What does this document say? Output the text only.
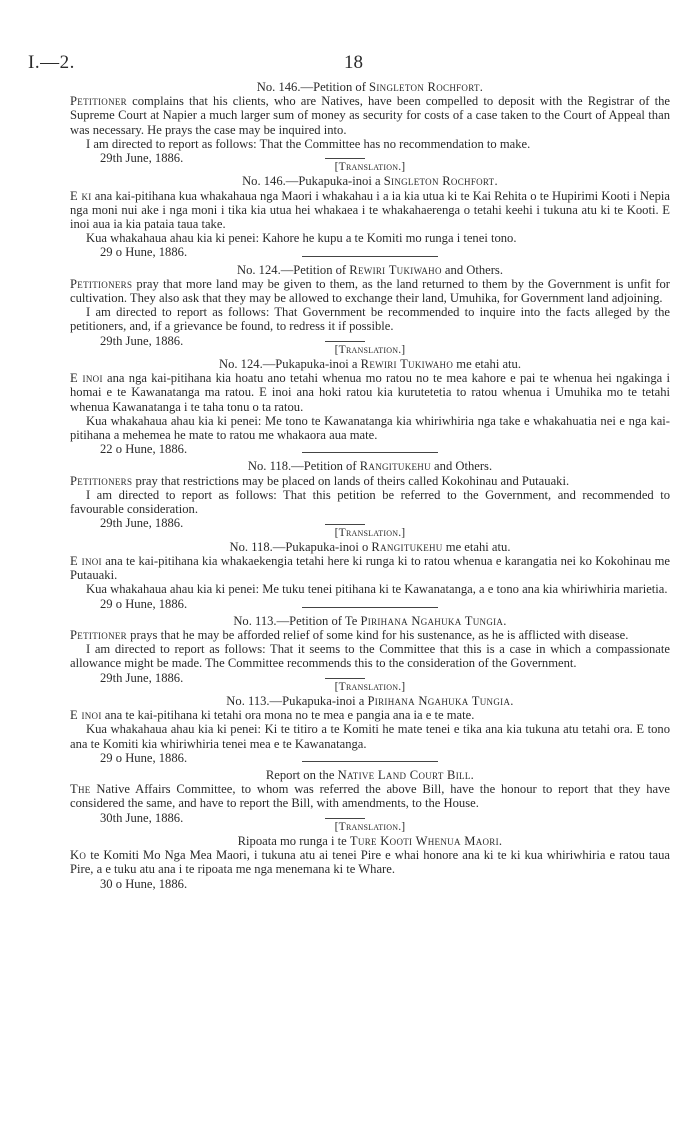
I.—2.	18

No. 146.—Petition of Singleton Rochfort.

Petitioner complains that his clients, who are Natives, have been compelled to deposit with the Registrar of the Supreme Court at Napier a much larger sum of money as security for costs of a case taken to the Court of Appeal than was necessary. He prays the case may be inquired into.

I am directed to report as follows: That the Committee has no recommendation to make.

29th June, 1886.

[Translation.]

No. 146.—Pukapuka-inoi a Singleton Rochfort.

E ki ana kai-pitihana kua whakahaua nga Maori i whakahau i a ia kia utua ki te Kai Rehita o te Hupirimi Kooti i Nepia nga moni nui ake i nga moni i tika kia utua hei whakaea i te whakahaerenga o tetahi keehi i tukuna atu ki te Kooti. E inoi aua ia kia pataia taua take.

Kua whakahaua ahau kia ki penei: Kahore he kupu a te Komiti mo runga i tenei tono.

29 o Hune, 1886.

No. 124.—Petition of Rewiri Tukiwaho and Others.

Petitioners pray that more land may be given to them, as the land returned to them by the Government is unfit for cultivation. They also ask that they may be allowed to exchange their land, Umuhika, for Government land adjoining.

I am directed to report as follows: That Government be recommended to inquire into the facts alleged by the petitioners, and, if a grievance be found, to redress it if possible.

29th June, 1886.

[Translation.]

No. 124.—Pukapuka-inoi a Rewiri Tukiwaho me etahi atu.

E inoi ana nga kai-pitihana kia hoatu ano tetahi whenua mo ratou no te mea kahore e pai te whenua hei ngakinga i homai e te Kawanatanga ma ratou. E inoi ana hoki ratou kia kurutetetia to ratou whenua i Umuhika mo te tetahi whenua Kawanatanga i te taha tonu o ta ratou.

Kua whakahaua ahau kia ki penei: Me tono te Kawanatanga kia whiriwhiria nga take e whakahuatia nei e nga kai-pitihana a mehemea he mate to ratou me whakaora aua mate.

22 o Hune, 1886.

No. 118.—Petition of Rangitukehu and Others.

Petitioners pray that restrictions may be placed on lands of theirs called Kokohinau and Putauaki.

I am directed to report as follows: That this petition be referred to the Government, and recommended to favourable consideration.

29th June, 1886.

[Translation.]

No. 118.—Pukapuka-inoi o Rangitukehu me etahi atu.

E inoi ana te kai-pitihana kia whakaekengia tetahi here ki runga ki to ratou whenua e karangatia nei ko Kokohinau me Putauaki.

Kua whakahaua ahau kia ki penei: Me tuku tenei pitihana ki te Kawanatanga, a e tono ana kia whiriwhiria marietia.

29 o Hune, 1886.

No. 113.—Petition of Te Pirihana Ngahuka Tungia.

Petitioner prays that he may be afforded relief of some kind for his sustenance, as he is afflicted with disease.

I am directed to report as follows: That it seems to the Committee that this is a case in which a compassionate allowance might be made. The Committee recommends this to the consideration of the Government.

29th June, 1886.

[Translation.]

No. 113.—Pukapuka-inoi a Pirihana Ngahuka Tungia.

E inoi ana te kai-pitihana ki tetahi ora mona no te mea e pangia ana ia e te mate.

Kua whakahaua ahau kia ki penei: Ki te titiro a te Komiti he mate tenei e tika ana kia tukuna atu tetahi ora. E tono ana te Komiti kia whiriwhiria tenei mea e te Kawanatanga.

29 o Hune, 1886.

Report on the Native Land Court Bill.

The Native Affairs Committee, to whom was referred the above Bill, have the honour to report that they have considered the same, and have to report the Bill, with amendments, to the House.

30th June, 1886.

[Translation.]

Ripoata mo runga i te Ture Kooti Whenua Maori.

Ko te Komiti Mo Nga Mea Maori, i tukuna atu ai tenei Pire e whai honore ana ki te ki kua whiriwhiria e ratou taua Pire, a e tuku atu ana i te ripoata me nga menemana ki te Whare.

30 o Hune, 1886.
